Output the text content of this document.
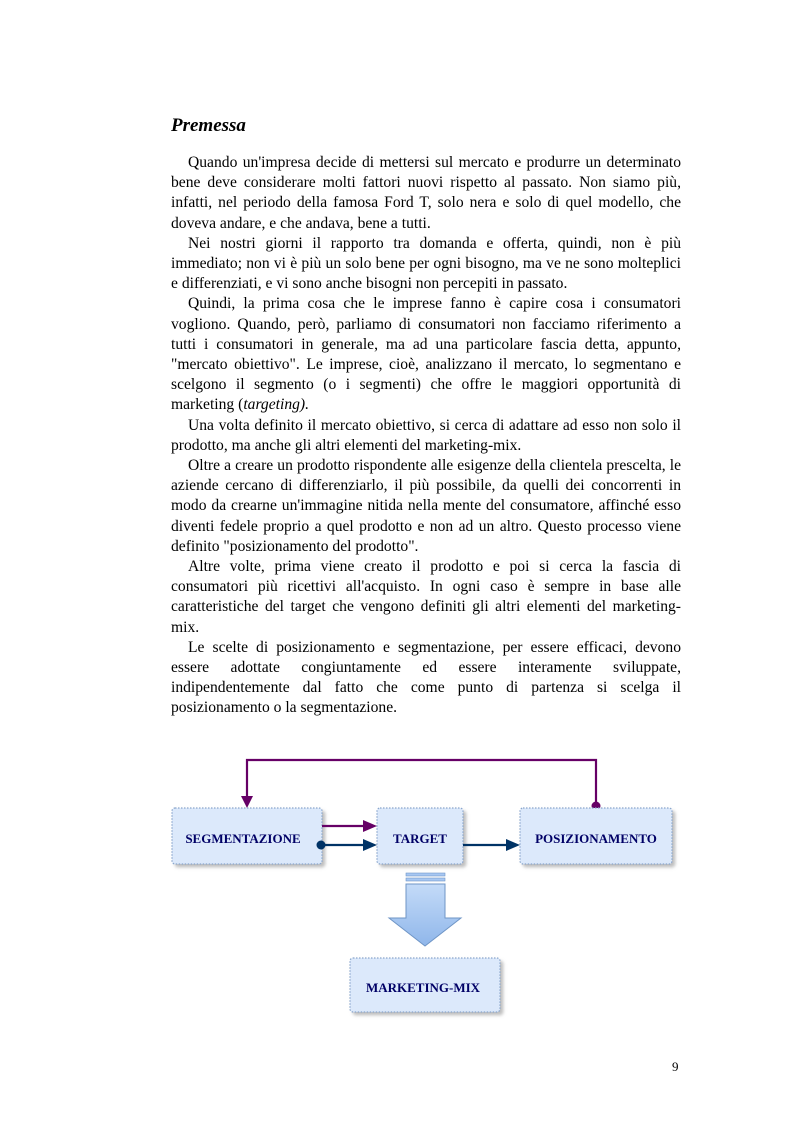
Premessa

Quando un'impresa decide di mettersi sul mercato e produrre un determinato bene deve considerare molti fattori nuovi rispetto al passato. Non siamo più, infatti, nel periodo della famosa Ford T, solo nera e solo di quel modello, che doveva andare, e che andava, bene a tutti.

Nei nostri giorni il rapporto tra domanda e offerta, quindi, non è più immediato; non vi è più un solo bene per ogni bisogno, ma ve ne sono molteplici e differenziati, e vi sono anche bisogni non percepiti in passato.

Quindi, la prima cosa che le imprese fanno è capire cosa i consumatori vogliono. Quando, però, parliamo di consumatori non facciamo riferimento a tutti i consumatori in generale, ma ad una particolare fascia detta, appunto, "mercato obiettivo". Le imprese, cioè, analizzano il mercato, lo segmentano e scelgono il segmento (o i segmenti) che offre le maggiori opportunità di marketing (targeting).

Una volta definito il mercato obiettivo, si cerca di adattare ad esso non solo il prodotto, ma anche gli altri elementi del marketing-mix.

Oltre a creare un prodotto rispondente alle esigenze della clientela prescelta, le aziende cercano di differenziarlo, il più possibile, da quelli dei concorrenti in modo da crearne un'immagine nitida nella mente del consumatore, affinché esso diventi fedele proprio a quel prodotto e non ad un altro. Questo processo viene definito "posizionamento del prodotto".

Altre volte, prima viene creato il prodotto e poi si cerca la fascia di consumatori più ricettivi all'acquisto. In ogni caso è sempre in base alle caratteristiche del target che vengono definiti gli altri elementi del marketing-mix.

Le scelte di posizionamento e segmentazione, per essere efficaci, devono essere adottate congiuntamente ed essere interamente sviluppate, indipendentemente dal fatto che come punto di partenza si scelga il posizionamento o la segmentazione.

SEGMENTAZIONE	TARGET	POSIZIONAMENTO
MARKETING-MIX

9
